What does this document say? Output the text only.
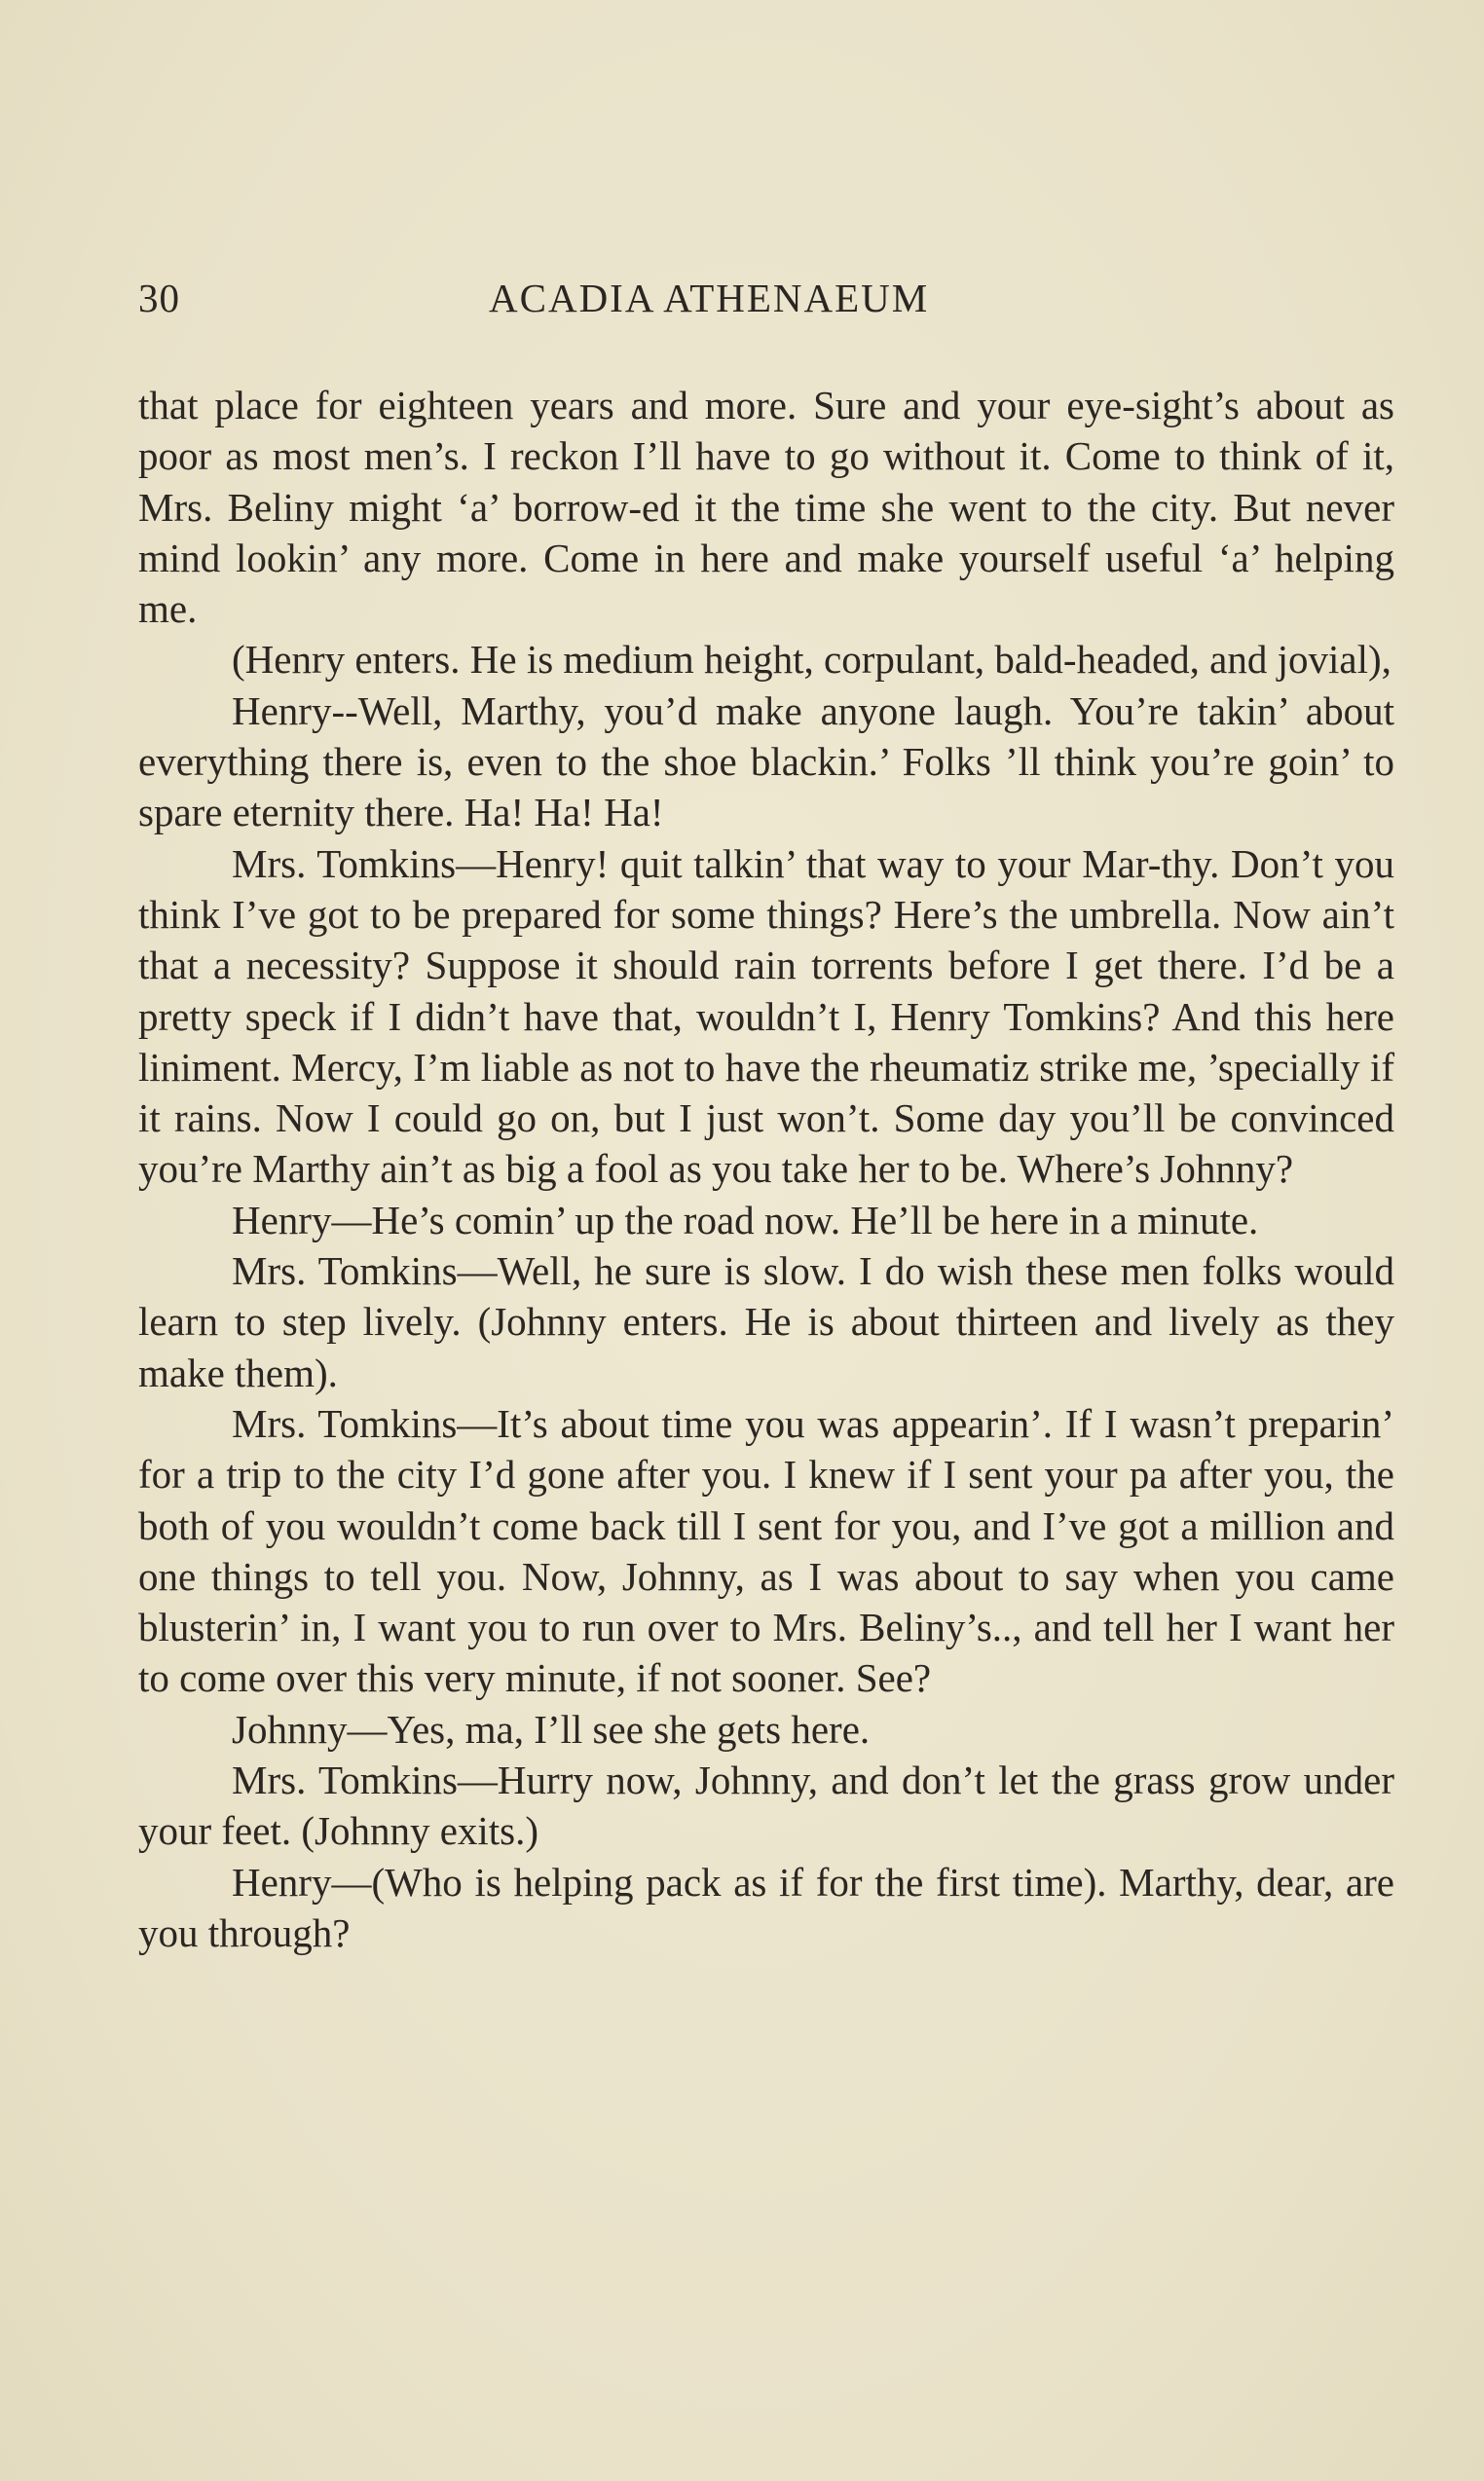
30	ACADIA ATHENAEUM

that place for eighteen years and more. Sure and your eye-sight’s about as poor as most men’s. I reckon I’ll have to go without it. Come to think of it, Mrs. Beliny might ‘a’ borrow-ed it the time she went to the city. But never mind lookin’ any more. Come in here and make yourself useful ‘a’ helping me.

(Henry enters. He is medium height, corpulant, bald-headed, and jovial),

Henry--Well, Marthy, you’d make anyone laugh. You’re takin’ about everything there is, even to the shoe blackin.’ Folks ’ll think you’re goin’ to spare eternity there. Ha! Ha! Ha!

Mrs. Tomkins—Henry! quit talkin’ that way to your Mar-thy. Don’t you think I’ve got to be prepared for some things? Here’s the umbrella. Now ain’t that a necessity? Suppose it should rain torrents before I get there. I’d be a pretty speck if I didn’t have that, wouldn’t I, Henry Tomkins? And this here liniment. Mercy, I’m liable as not to have the rheumatiz strike me, ’specially if it rains. Now I could go on, but I just won’t. Some day you’ll be convinced you’re Marthy ain’t as big a fool as you take her to be. Where’s Johnny?

Henry—He’s comin’ up the road now. He’ll be here in a minute.

Mrs. Tomkins—Well, he sure is slow. I do wish these men folks would learn to step lively. (Johnny enters. He is about thirteen and lively as they make them).

Mrs. Tomkins—It’s about time you was appearin’. If I wasn’t preparin’ for a trip to the city I’d gone after you. I knew if I sent your pa after you, the both of you wouldn’t come back till I sent for you, and I’ve got a million and one things to tell you. Now, Johnny, as I was about to say when you came blusterin’ in, I want you to run over to Mrs. Beliny’s.., and tell her I want her to come over this very minute, if not sooner. See?

Johnny—Yes, ma, I’ll see she gets here.

Mrs. Tomkins—Hurry now, Johnny, and don’t let the grass grow under your feet. (Johnny exits.)

Henry—(Who is helping pack as if for the first time). Marthy, dear, are you through?
